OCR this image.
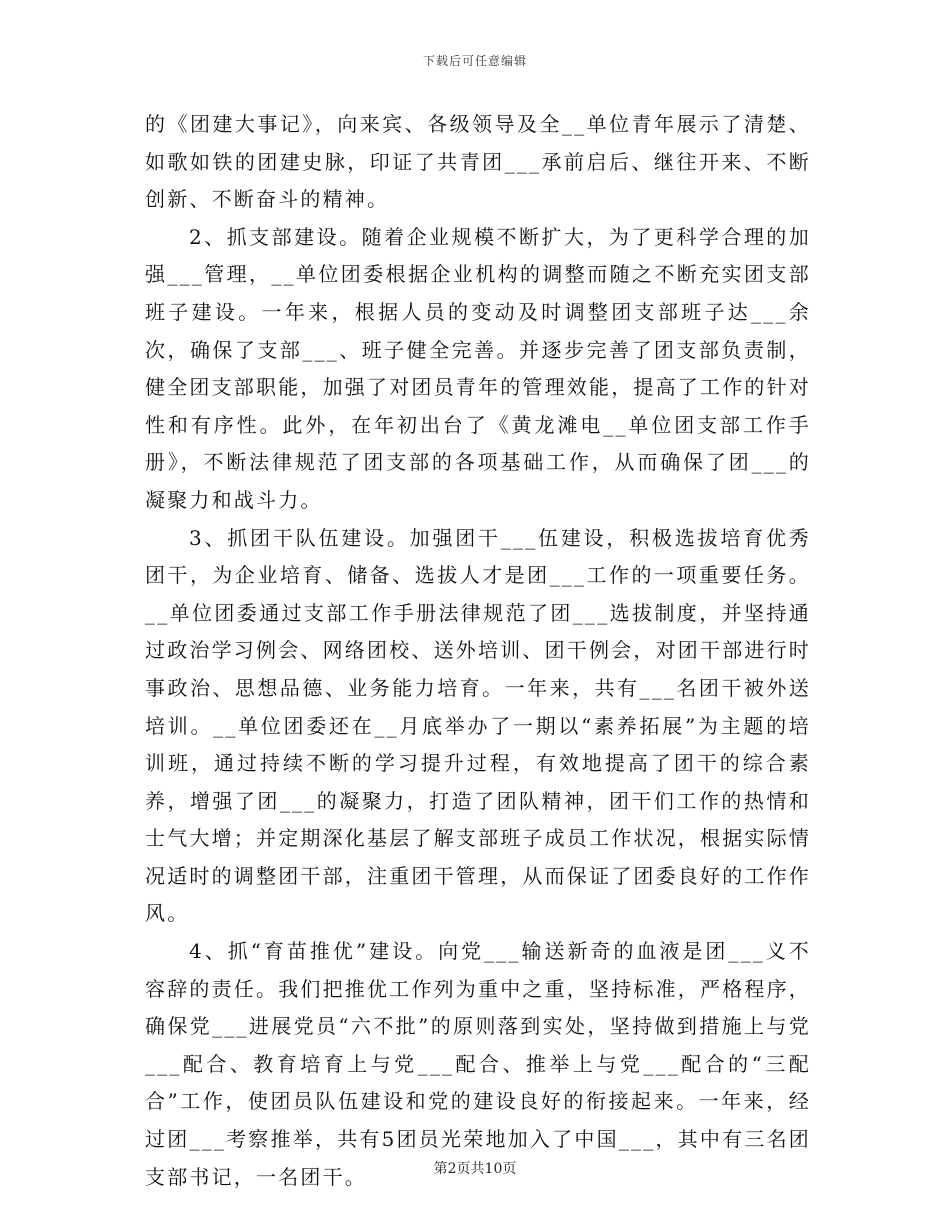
下载后可任意编辑

的《团建大事记》，向来宾、各级领导及全__单位青年展示了清楚、如歌如铁的团建史脉，印证了共青团___承前启后、继往开来、不断创新、不断奋斗的精神。

2、抓支部建设。随着企业规模不断扩大，为了更科学合理的加强___管理，__单位团委根据企业机构的调整而随之不断充实团支部班子建设。一年来，根据人员的变动及时调整团支部班子达___余次，确保了支部___、班子健全完善。并逐步完善了团支部负责制，健全团支部职能，加强了对团员青年的管理效能，提高了工作的针对性和有序性。此外，在年初出台了《黄龙滩电__单位团支部工作手册》，不断法律规范了团支部的各项基础工作，从而确保了团___的凝聚力和战斗力。

3、抓团干队伍建设。加强团干___伍建设，积极选拔培育优秀团干，为企业培育、储备、选拔人才是团___工作的一项重要任务。__单位团委通过支部工作手册法律规范了团___选拔制度，并坚持通过政治学习例会、网络团校、送外培训、团干例会，对团干部进行时事政治、思想品德、业务能力培育。一年来，共有___名团干被外送培训。__单位团委还在__月底举办了一期以“素养拓展”为主题的培训班，通过持续不断的学习提升过程，有效地提高了团干的综合素养，增强了团___的凝聚力，打造了团队精神，团干们工作的热情和士气大增；并定期深化基层了解支部班子成员工作状况，根据实际情况适时的调整团干部，注重团干管理，从而保证了团委良好的工作作风。

4、抓“育苗推优”建设。向党___输送新奇的血液是团___义不容辞的责任。我们把推优工作列为重中之重，坚持标准，严格程序，确保党___进展党员“六不批”的原则落到实处，坚持做到措施上与党___配合、教育培育上与党___配合、推举上与党___配合的“三配合”工作，使团员队伍建设和党的建设良好的衔接起来。一年来，经过团___考察推举，共有5团员光荣地加入了中国___，其中有三名团支部书记，一名团干。	第2页共10页
